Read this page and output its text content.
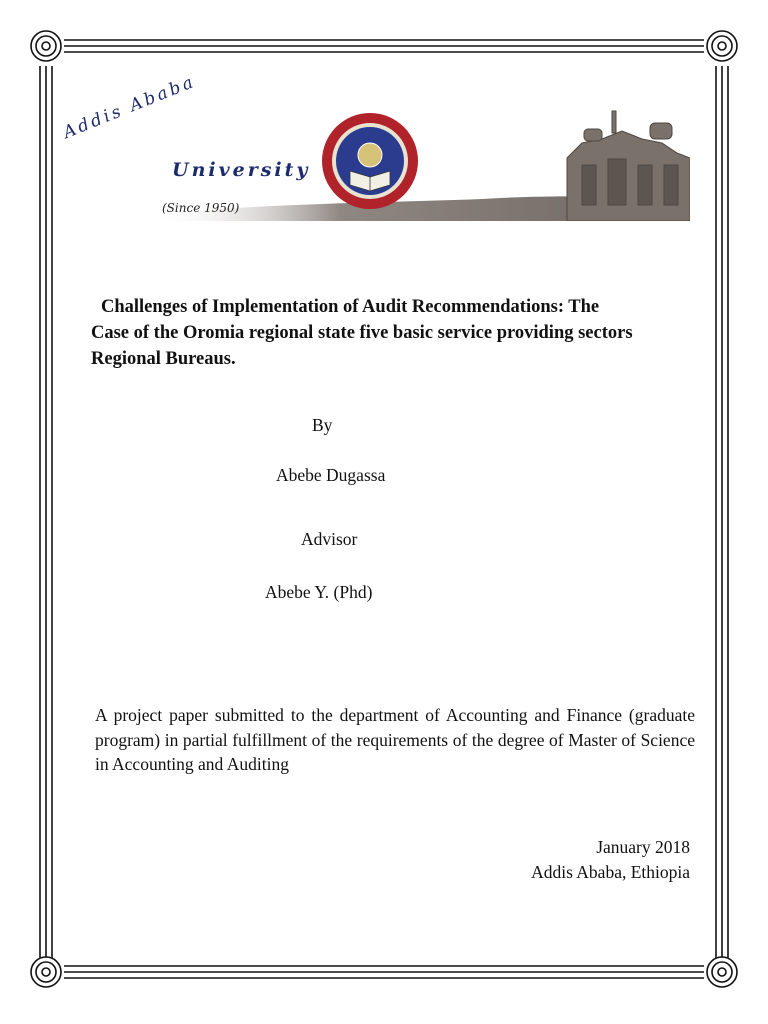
Addis Ababa
University
(Since 1950)
Challenges of Implementation of Audit Recommendations: The
Case of the Oromia regional state five basic service providing sectors
Regional Bureaus.
By
Abebe Dugassa
Advisor
Abebe Y. (Phd)
A project paper submitted to the department of Accounting and Finance (graduate program) in partial fulfillment of the requirements of the degree of Master of Science in Accounting and Auditing
January 2018
Addis Ababa, Ethiopia
